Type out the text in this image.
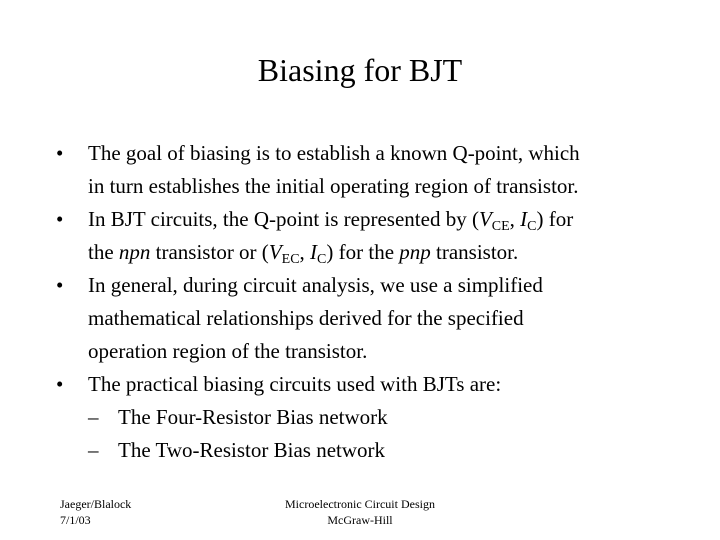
Biasing for BJT
•	The goal of biasing is to establish a known Q-point, which
in turn establishes the initial operating region of transistor.
•	In BJT circuits, the Q-point is represented by ($V_{CE}$, $I_C$) for
the npn transistor or ($V_{EC}$, $I_C$) for the pnp transistor.
•	In general, during circuit analysis, we use a simplified
mathematical relationships derived for the specified
operation region of the transistor.
•	The practical biasing circuits used with BJTs are:
– The Four-Resistor Bias network
– The Two-Resistor Bias network
Jaeger/Blalock
7/1/03
Microelectronic Circuit Design
McGraw-Hill
